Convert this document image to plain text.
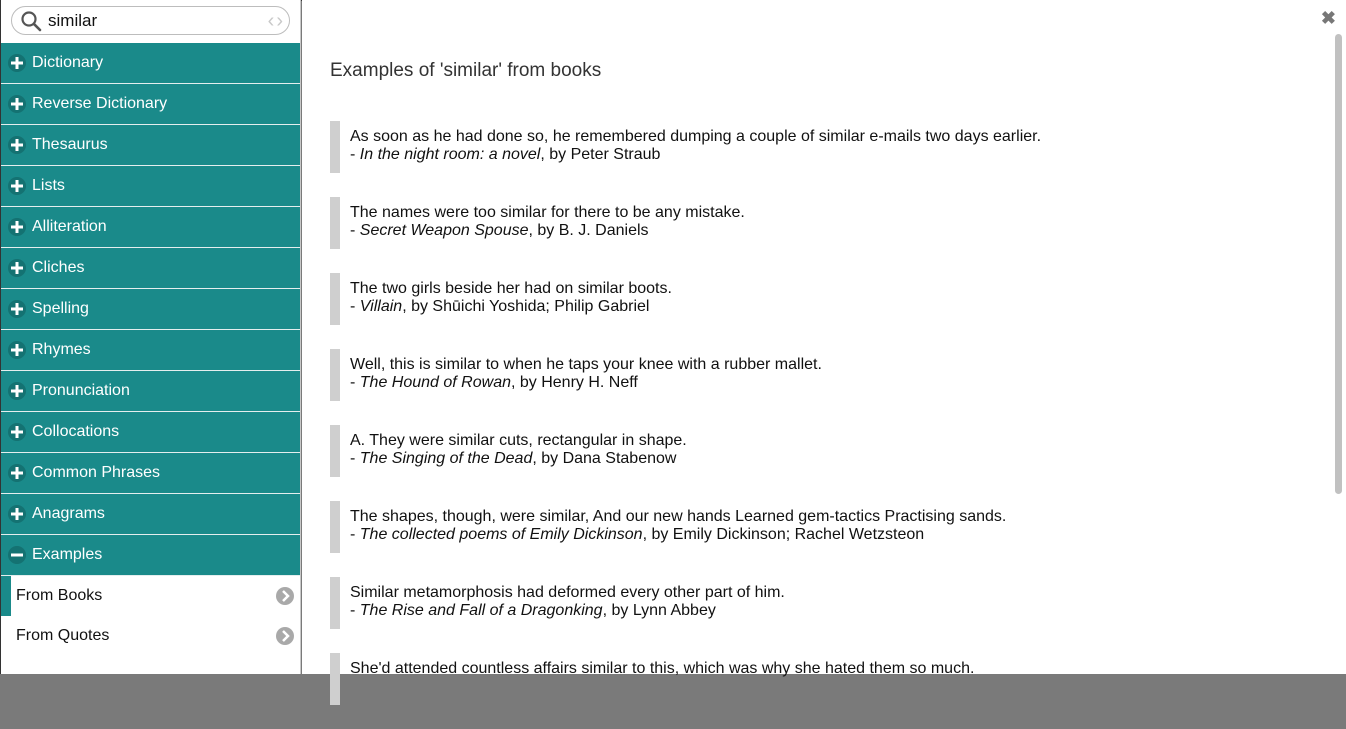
similar
‹ ›
Dictionary
Reverse Dictionary
Thesaurus
Lists
Alliteration
Cliches
Spelling
Rhymes
Pronunciation
Collocations
Common Phrases
Anagrams
Examples
From Books
From Quotes
✖
Examples of 'similar' from books

As soon as he had done so, he remembered dumping a couple of similar e-mails two days earlier.

- In the night room: a novel, by Peter Straub

The names were too similar for there to be any mistake.

- Secret Weapon Spouse, by B. J. Daniels

The two girls beside her had on similar boots.

- Villain, by Shūichi Yoshida; Philip Gabriel

Well, this is similar to when he taps your knee with a rubber mallet.

- The Hound of Rowan, by Henry H. Neff

A. They were similar cuts, rectangular in shape.

- The Singing of the Dead, by Dana Stabenow

The shapes, though, were similar, And our new hands Learned gem-tactics Practising sands.

- The collected poems of Emily Dickinson, by Emily Dickinson; Rachel Wetzsteon

Similar metamorphosis had deformed every other part of him.

- The Rise and Fall of a Dragonking, by Lynn Abbey

She'd attended countless affairs similar to this, which was why she hated them so much.
